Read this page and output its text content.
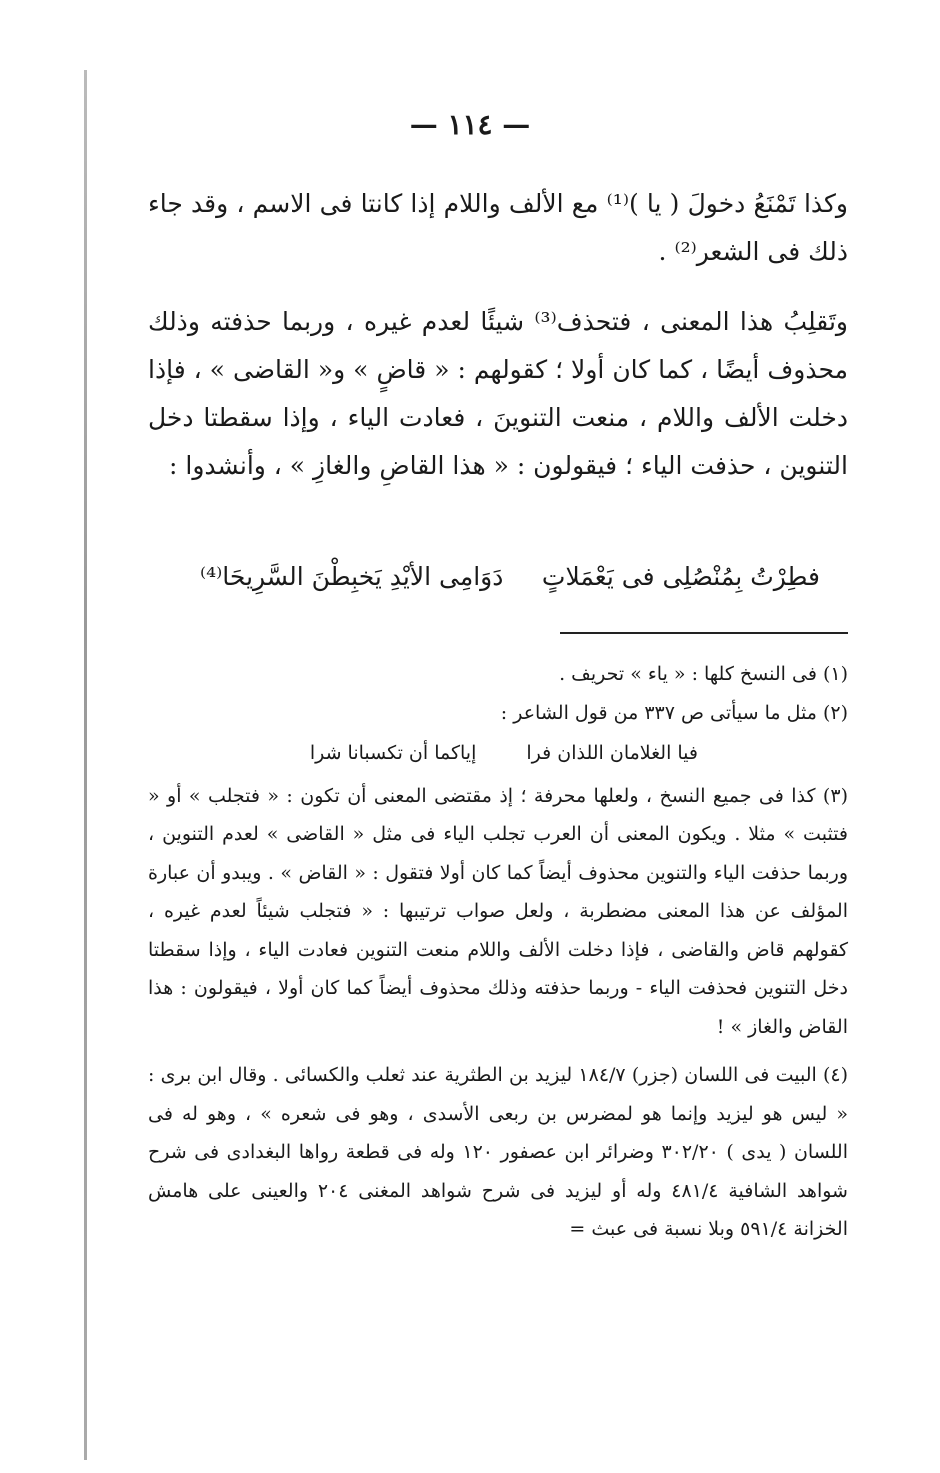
— ١١٤ —

وكذا تَمْنَعُ دخولَ ( يا )⁽¹⁾ مع الألف واللام إذا كانتا فى الاسم ، وقد جاء ذلك فى الشعر⁽²⁾ .

وتَقلِبُ هذا المعنى ، فتحذف⁽³⁾ شيئًا لعدم غيره ، وربما حذفته وذلك محذوف أيضًا ، كما كان أولا ؛ كقولهم : « قاضٍ » و« القاضى » ، فإذا دخلت الألف واللام ، منعت التنوينَ ، فعادت الياء ، وإذا سقطتا دخل التنوين ، حذفت الياء ؛ فيقولون : « هذا القاضِ والغازِ » ، وأنشدوا :

فطِرْتُ بِمُنْصُلِى فى يَعْمَلاتٍ
دَوَامِى الأيْدِ يَخبِطْنَ السَّرِيحَا⁽⁴⁾

(١) فى النسخ كلها : « ياء » تحريف .

(٢) مثل ما سيأتى ص ٣٣٧ من قول الشاعر :

فيا الغلامان اللذان فراإياكما أن تكسبانا شرا

(٣) كذا فى جميع النسخ ، ولعلها محرفة ؛ إذ مقتضى المعنى أن تكون : « فتجلب » أو « فتثبت » مثلا . ويكون المعنى أن العرب تجلب الياء فى مثل « القاضى » لعدم التنوين ، وربما حذفت الياء والتنوين محذوف أيضاً كما كان أولا فتقول : « القاض » . ويبدو أن عبارة المؤلف عن هذا المعنى مضطربة ، ولعل صواب ترتيبها : « فتجلب شيئاً لعدم غيره ، كقولهم قاض والقاضى ، فإذا دخلت الألف واللام منعت التنوين فعادت الياء ، وإذا سقطتا دخل التنوين فحذفت الياء - وربما حذفته وذلك محذوف أيضاً كما كان أولا ، فيقولون : هذا القاض والغاز » !

(٤) البيت فى اللسان (جزر) ١٨٤/٧ ليزيد بن الطثرية عند ثعلب والكسائى . وقال ابن برى : « ليس هو ليزيد وإنما هو لمضرس بن ربعى الأسدى ، وهو فى شعره » ، وهو له فى اللسان ( يدى ) ٣٠٢/٢٠ وضرائر ابن عصفور ١٢٠ وله فى قطعة رواها البغدادى فى شرح شواهد الشافية ٤٨١/٤ وله أو ليزيد فى شرح شواهد المغنى ٢٠٤ والعينى على هامش الخزانة ٥٩١/٤ وبلا نسبة فى عبث =
